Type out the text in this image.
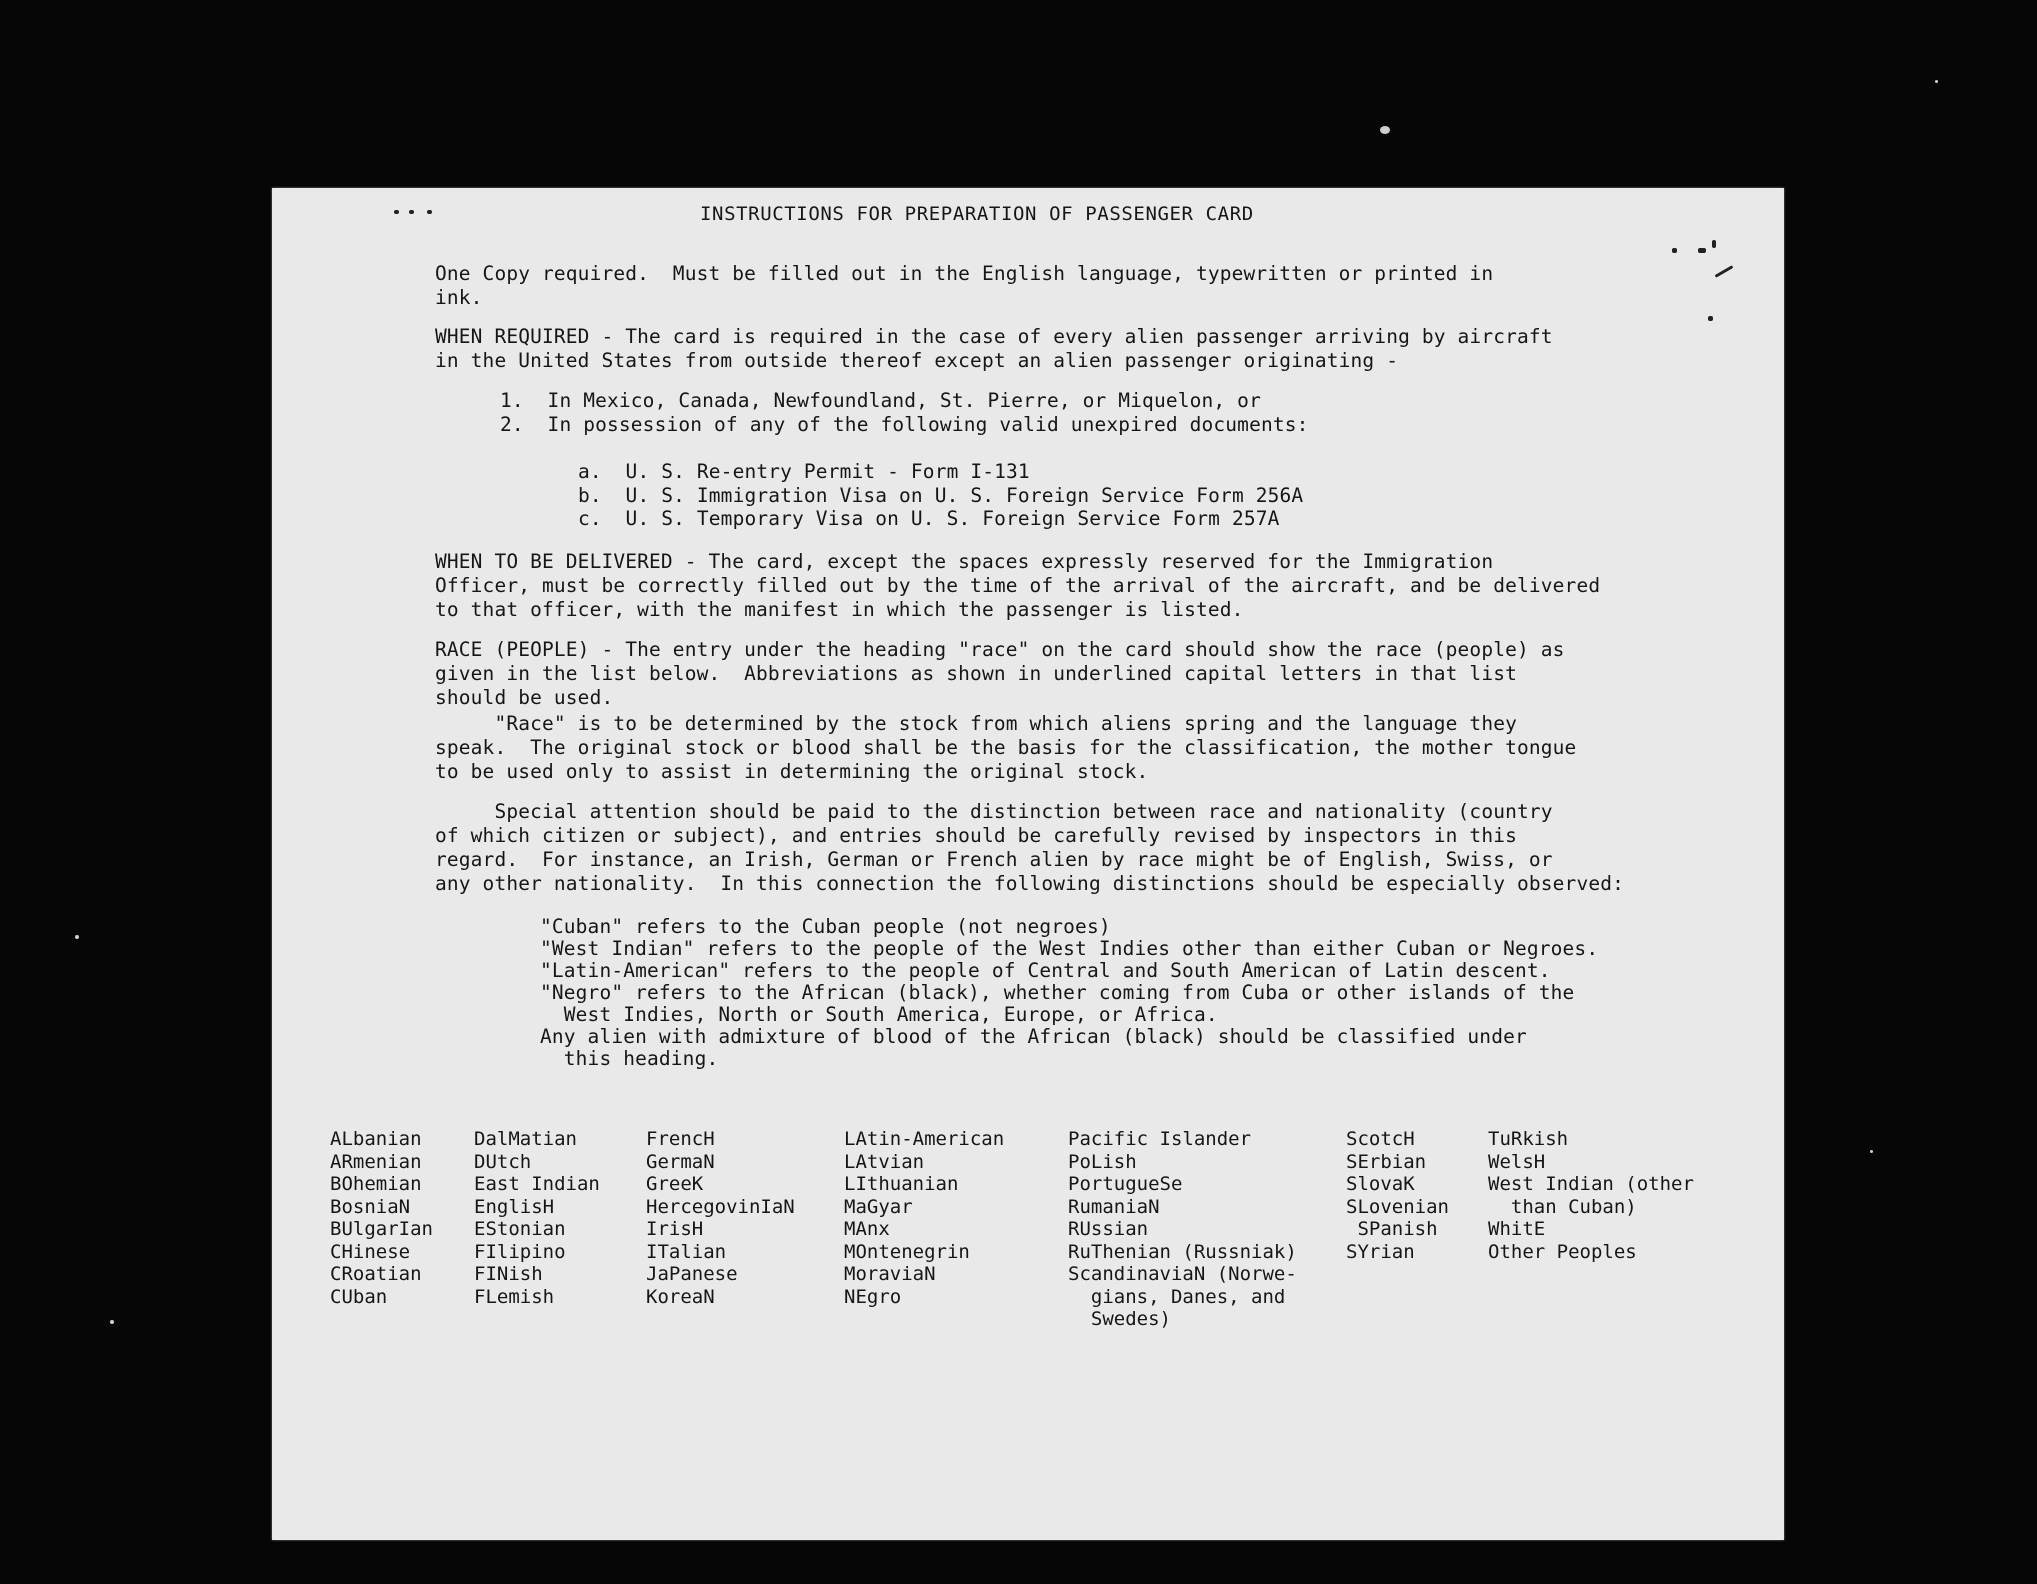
INSTRUCTIONS FOR PREPARATION OF PASSENGER CARD

One Copy required.  Must be filled out in the English language, typewritten or printed in

ink.

WHEN REQUIRED - The card is required in the case of every alien passenger arriving by aircraft

in the United States from outside thereof except an alien passenger originating -

1.  In Mexico, Canada, Newfoundland, St. Pierre, or Miquelon, or

2.  In possession of any of the following valid unexpired documents:

a.  U. S. Re-entry Permit - Form I-131

b.  U. S. Immigration Visa on U. S. Foreign Service Form 256A

c.  U. S. Temporary Visa on U. S. Foreign Service Form 257A

WHEN TO BE DELIVERED - The card, except the spaces expressly reserved for the Immigration

Officer, must be correctly filled out by the time of the arrival of the aircraft, and be delivered

to that officer, with the manifest in which the passenger is listed.

RACE (PEOPLE) - The entry under the heading "race" on the card should show the race (people) as

given in the list below.  Abbreviations as shown in underlined capital letters in that list

should be used.

"Race" is to be determined by the stock from which aliens spring and the language they

speak.  The original stock or blood shall be the basis for the classification, the mother tongue

to be used only to assist in determining the original stock.

Special attention should be paid to the distinction between race and nationality (country

of which citizen or subject), and entries should be carefully revised by inspectors in this

regard.  For instance, an Irish, German or French alien by race might be of English, Swiss, or

any other nationality.  In this connection the following distinctions should be especially observed:

"Cuban" refers to the Cuban people (not negroes)

"West Indian" refers to the people of the West Indies other than either Cuban or Negroes.

"Latin-American" refers to the people of Central and South American of Latin descent.

"Negro" refers to the African (black), whether coming from Cuba or other islands of the

West Indies, North or South America, Europe, or Africa.

Any alien with admixture of blood of the African (black) should be classified under

this heading.

ALbanian
ARmenian
BOhemian
BosniaN
BUlgarIan
CHinese
CRoatian
CUban
DalMatian
DUtch
East Indian
EnglisH
EStonian
FIlipino
FINish
FLemish
FrencH
GermaN
GreeK
HercegovinIaN
IrisH
ITalian
JaPanese
KoreaN
LAtin-American
LAtvian
LIthuanian
MaGyar
MAnx
MOntenegrin
MoraviaN
NEgro
Pacific Islander
PoLish
PortugueSe
RumaniaN
RUssian
RuThenian (Russniak)
ScandinaviaN (Norwe-
gians, Danes, and
Swedes)
ScotcH
SErbian
SlovaK
SLovenian
SPanish
SYrian
TuRkish
WelsH
West Indian (other
than Cuban)
WhitE
Other Peoples
